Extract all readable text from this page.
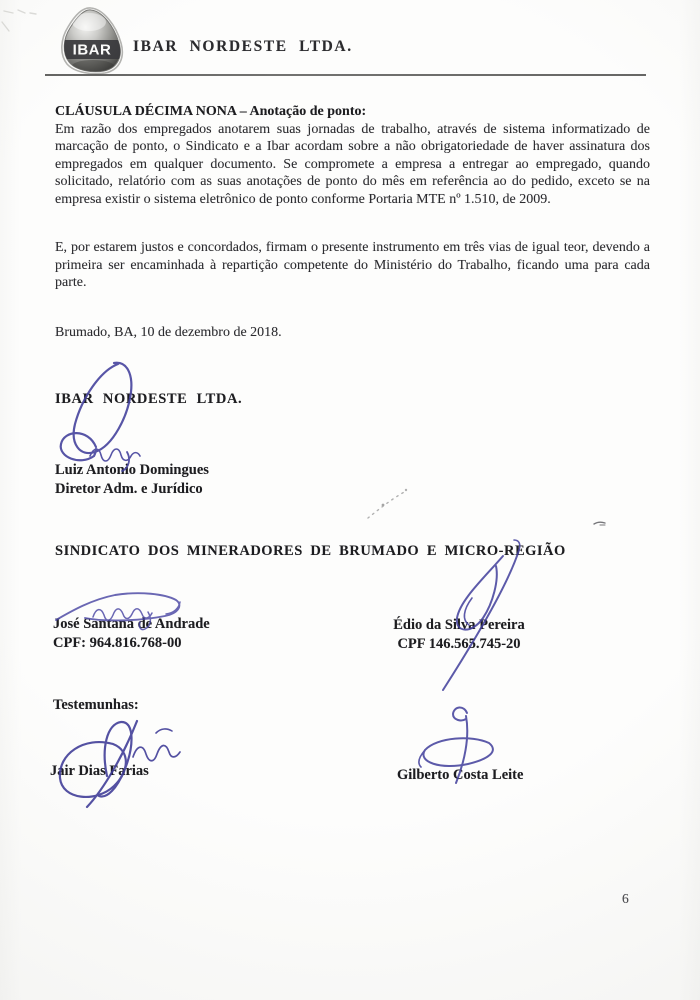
IBAR IBAR NORDESTE LTDA.
CLÁUSULA DÉCIMA NONA – Anotação de ponto:
Em razão dos empregados anotarem suas jornadas de trabalho, através de sistema informatizado de marcação de ponto, o Sindicato e a Ibar acordam sobre a não obrigatoriedade de haver assinatura dos empregados em qualquer documento. Se compromete a empresa a entregar ao empregado, quando solicitado, relatório com as suas anotações de ponto do mês em referência ao do pedido, exceto se na empresa existir o sistema eletrônico de ponto conforme Portaria MTE nº 1.510, de 2009.
E, por estarem justos e concordados, firmam o presente instrumento em três vias de igual teor, devendo a primeira ser encaminhada à repartição competente do Ministério do Trabalho, ficando uma para cada parte.
Brumado, BA, 10 de dezembro de 2018.
IBAR NORDESTE LTDA.
Luiz Antonio Domingues
Diretor Adm. e Jurídico
SINDICATO DOS MINERADORES DE BRUMADO E MICRO-REGIÃO
José Santana de Andrade
CPF: 964.816.768-00
Édio da Silva Pereira
CPF 146.565.745-20
Testemunhas:
Jair Dias Farias	Gilberto Costa Leite
6
